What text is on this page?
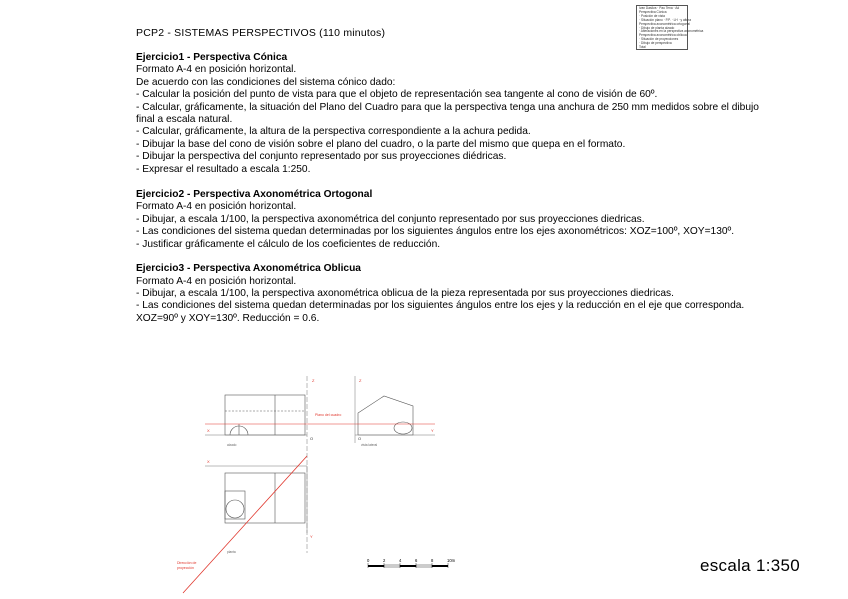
PCP2 - SISTEMAS PERSPECTIVOS (110 minutos)
Ivan Dasilva · Pau Tena · Ad
Perspectiva Cónica
· Posición de vista
· Situación plano · P.P. · LH · y altura
Perspectiva axonométrica ortogonal
· Dibujo de planta alzado
· Alteraciones en la perspectiva axonométrica
Perspectiva axonométrica oblicua
· Situación de proyecciones
· Dibujo de perspectiva
Total
Ejercicio1 - Perspectiva Cónica
Formato A-4 en posición horizontal.
De acuerdo con las condiciones del sistema cónico dado:
- Calcular la posición del punto de vista para que el objeto de representación sea tangente al cono de visión de 60º.
- Calcular, gráficamente, la situación del Plano del Cuadro para que la perspectiva tenga una anchura de 250 mm medidos sobre el dibujo final a escala natural.
- Calcular, gráficamente, la altura de la perspectiva correspondiente a la achura pedida.
- Dibujar la base del cono de visión sobre el plano del cuadro, o la parte del mismo que quepa en el formato.
- Dibujar la perspectiva del conjunto representado por sus proyecciones diédricas.
- Expresar el resultado a escala 1:250.
Ejercicio2 - Perspectiva Axonométrica Ortogonal
Formato A-4 en posición horizontal.
- Dibujar, a escala 1/100, la perspectiva axonométrica del conjunto representado por sus proyecciones diedricas.
- Las condiciones del sistema quedan determinadas por los siguientes ángulos entre los ejes axonométricos: XOZ=100º, XOY=130º.
- Justificar gráficamente el cálculo de los coeficientes de reducción.
Ejercicio3 - Perspectiva Axonométrica Oblicua
Formato A-4 en posición horizontal.
- Dibujar, a escala 1/100, la perspectiva axonométrica oblicua de la pieza representada por sus proyecciones diedricas.
- Las condiciones del sistema quedan determinadas por los siguientes ángulos entre los ejes y la reducción en el eje que corresponda. XOZ=90º y XOY=130º. Reducción = 0.6.
Z	Z
X	Y
O	O
X
Y
Plano del cuadro
alzado	vista lateral
planta
Dirección de
proyección
0	2	4	6	8	10m	escala 1:350
